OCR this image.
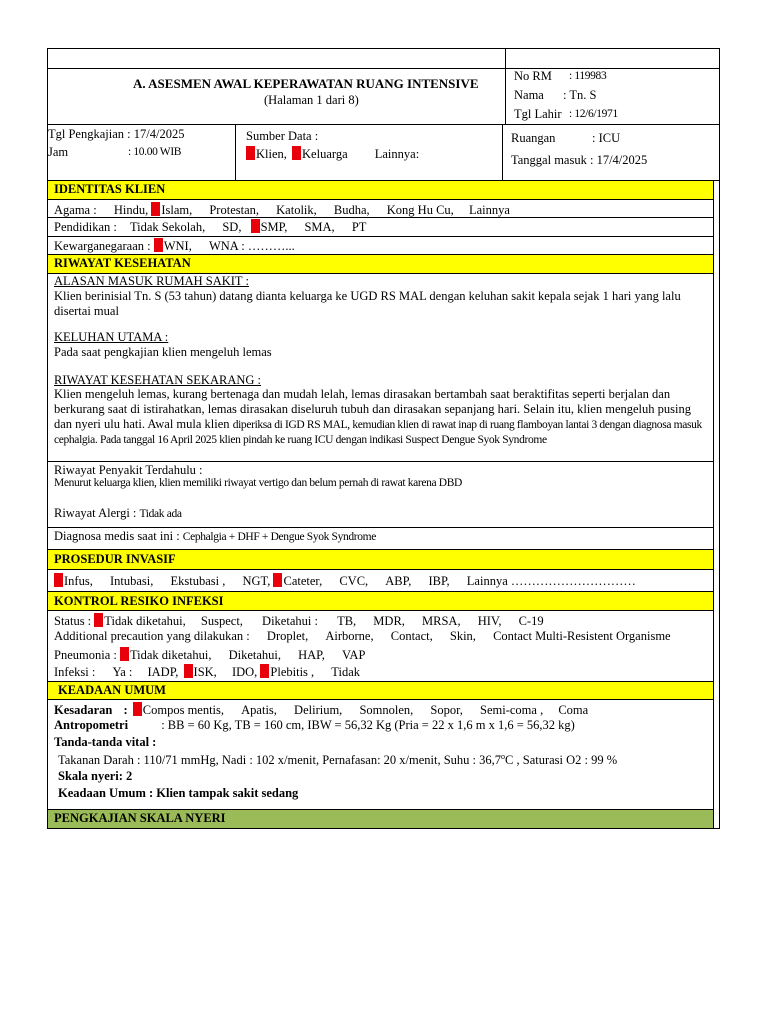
A. ASESMEN AWAL KEPERAWATAN RUANG INTENSIVE
(Halaman 1 dari 8)
No RM : 119983
Nama : Tn. S
Tgl Lahir : 12/6/1971
Tgl Pengkajian : 17/4/2025
Jam	: 10.00 WIB
Sumber Data :
Klien, Keluarga Lainnya:
Ruangan	: ICU
Tanggal masuk : 17/4/2025
IDENTITAS KLIEN
Agama : Hindu, Islam, Protestan, Katolik, Budha, Kong Hu Cu, Lainnya
Pendidikan : Tidak Sekolah, SD, SMP, SMA, PT
Kewarganegaraan : WNI, WNA : ………...
RIWAYAT KESEHATAN
ALASAN MASUK RUMAH SAKIT :
Klien berinisial Tn. S (53 tahun) datang dianta keluarga ke UGD RS MAL dengan keluhan sakit kepala sejak 1 hari yang lalu disertai mual
KELUHAN UTAMA :
Pada saat pengkajian klien mengeluh lemas
RIWAYAT KESEHATAN SEKARANG :
Klien mengeluh lemas, kurang bertenaga dan mudah lelah, lemas dirasakan bertambah saat beraktifitas seperti berjalan dan berkurang saat di istirahatkan, lemas dirasakan diseluruh tubuh dan dirasakan sepanjang hari. Selain itu, klien mengeluh pusing dan nyeri ulu hati. Awal mula klien diperiksa di IGD RS MAL, kemudian klien di rawat inap di ruang flamboyan lantai 3 dengan diagnosa masuk cephalgia. Pada tanggal 16 April 2025 klien pindah ke ruang ICU dengan indikasi Suspect Dengue Syok Syndrome
Riwayat Penyakit Terdahulu :
Menurut keluarga klien, klien memiliki riwayat vertigo dan belum pernah di rawat karena DBD
Riwayat Alergi : Tidak ada
Diagnosa medis saat ini : Cephalgia + DHF + Dengue Syok Syndrome
PROSEDUR INVASIF
Infus, Intubasi, Ekstubasi , NGT, Cateter, CVC, ABP, IBP, Lainnya …………………………
KONTROL RESIKO INFEKSI
Status : Tidak diketahui, Suspect, Diketahui : TB, MDR, MRSA, HIV, C-19
Additional precaution yang dilakukan : Droplet, Airborne, Contact, Skin, Contact Multi-Resistent Organisme
Pneumonia : Tidak diketahui, Diketahui, HAP, VAP
Infeksi : Ya : IADP, ISK, IDO, Plebitis , Tidak
KEADAAN UMUM
Kesadaran : Compos mentis, Apatis, Delirium, Somnolen, Sopor, Semi-coma , Coma
Antropometri	: BB = 60 Kg, TB = 160 cm, IBW = 56,32 Kg (Pria = 22 x 1,6 m x 1,6 = 56,32 kg)
Tanda-tanda vital :
Takanan Darah : 110/71 mmHg, Nadi : 102 x/menit, Pernafasan: 20 x/menit, Suhu : 36,7$^o$C , Saturasi O2 : 99 %
Skala nyeri: 2
Keadaan Umum : Klien tampak sakit sedang
PENGKAJIAN SKALA NYERI
